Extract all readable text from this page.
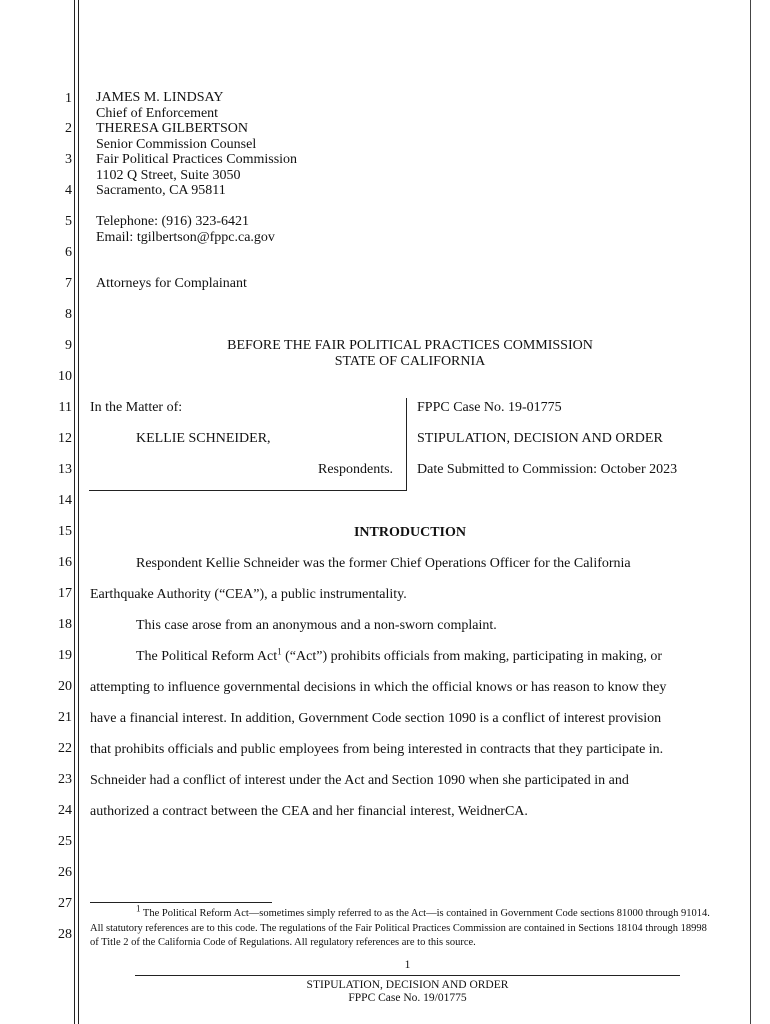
1
2
3
4
5
6
7
8
9
10
11
12
13
14
15
16
17
18
19
20
21
22
23
24
25
26
27
28
JAMES M. LINDSAY
Chief of Enforcement
THERESA GILBERTSON
Senior Commission Counsel
Fair Political Practices Commission
1102 Q Street, Suite 3050
Sacramento, CA 95811
Telephone: (916) 323-6421
Email: tgilbertson@fppc.ca.gov
Attorneys for Complainant
BEFORE THE FAIR POLITICAL PRACTICES COMMISSION
STATE OF CALIFORNIA
In the Matter of:
KELLIE SCHNEIDER,
Respondents.
FPPC Case No. 19-01775
STIPULATION, DECISION AND ORDER
Date Submitted to Commission: October 2023
INTRODUCTION
Respondent Kellie Schneider was the former Chief Operations Officer for the California
Earthquake Authority (“CEA”), a public instrumentality.
This case arose from an anonymous and a non-sworn complaint.
The Political Reform Act$^1$ (“Act”) prohibits officials from making, participating in making, or
attempting to influence governmental decisions in which the official knows or has reason to know they
have a financial interest. In addition, Government Code section 1090 is a conflict of interest provision
that prohibits officials and public employees from being interested in contracts that they participate in.
Schneider had a conflict of interest under the Act and Section 1090 when she participated in and
authorized a contract between the CEA and her financial interest, WeidnerCA.
$^1$ The Political Reform Act—sometimes simply referred to as the Act—is contained in Government Code sections 81000 through 91014. All statutory references are to this code. The regulations of the Fair Political Practices Commission are contained in Sections 18104 through 18998 of Title 2 of the California Code of Regulations. All regulatory references are to this source.
1
STIPULATION, DECISION AND ORDER
FPPC Case No. 19/01775
